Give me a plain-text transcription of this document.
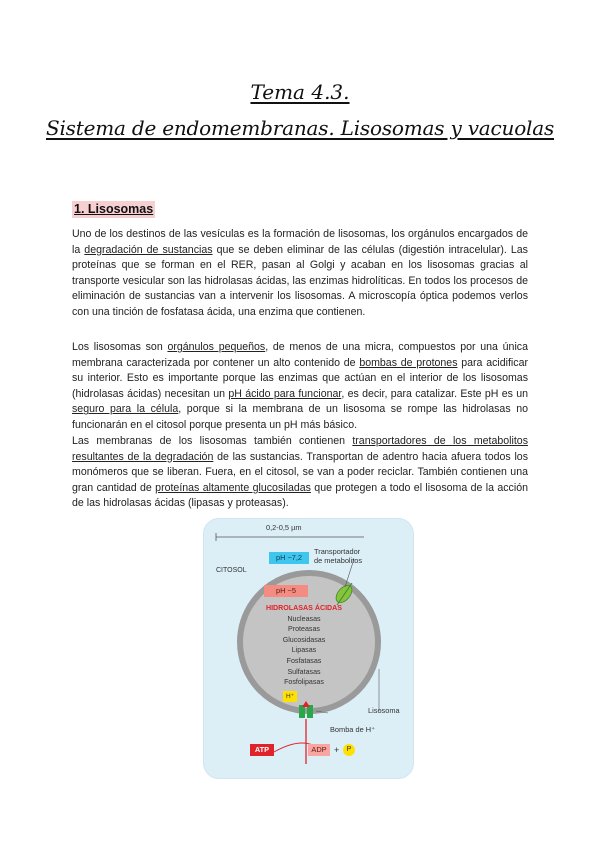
Tema 4.3.
Sistema de endomembranas. Lisosomas y vacuolas
1. Lisosomas

Uno de los destinos de las vesículas es la formación de lisosomas, los orgánulos encargados de la degradación de sustancias que se deben eliminar de las células (digestión intracelular). Las proteínas que se forman en el RER, pasan al Golgi y acaban en los lisosomas gracias al transporte vesicular son las hidrolasas ácidas, las enzimas hidrolíticas. En todos los procesos de eliminación de sustancias van a intervenir los lisosomas. A microscopía óptica podemos verlos con una tinción de fosfatasa ácida, una enzima que contienen.

Los lisosomas son orgánulos pequeños, de menos de una micra, compuestos por una única membrana caracterizada por contener un alto contenido de bombas de protones para acidificar su interior. Esto es importante porque las enzimas que actúan en el interior de los lisosomas (hidrolasas ácidas) necesitan un pH ácido para funcionar, es decir, para catalizar. Este pH es un seguro para la célula, porque si la membrana de un lisosoma se rompe las hidrolasas no funcionarán en el citosol porque presenta un pH más básico.

Las membranas de los lisosomas también contienen transportadores de los metabolitos resultantes de la degradación de las sustancias. Transportan de adentro hacia afuera todos los monómeros que se liberan. Fuera, en el citosol, se van a poder reciclar. También contienen una gran cantidad de proteínas altamente glucosiladas que protegen a todo el lisosoma de la acción de las hidrolasas ácidas (lipasas y proteasas).

0,2-0,5 µm
CITOSOL
pH ~7,2
Transportador
de metabolitos
pH ~5
HIDROLASAS ÁCIDAS
Nucleasas
Proteasas
Glucosidasas
Lipasas
Fosfatasas
Sulfatasas
Fosfolipasas
H⁺
Lisosoma
Bomba de H⁺
ATP	ADP +	P
